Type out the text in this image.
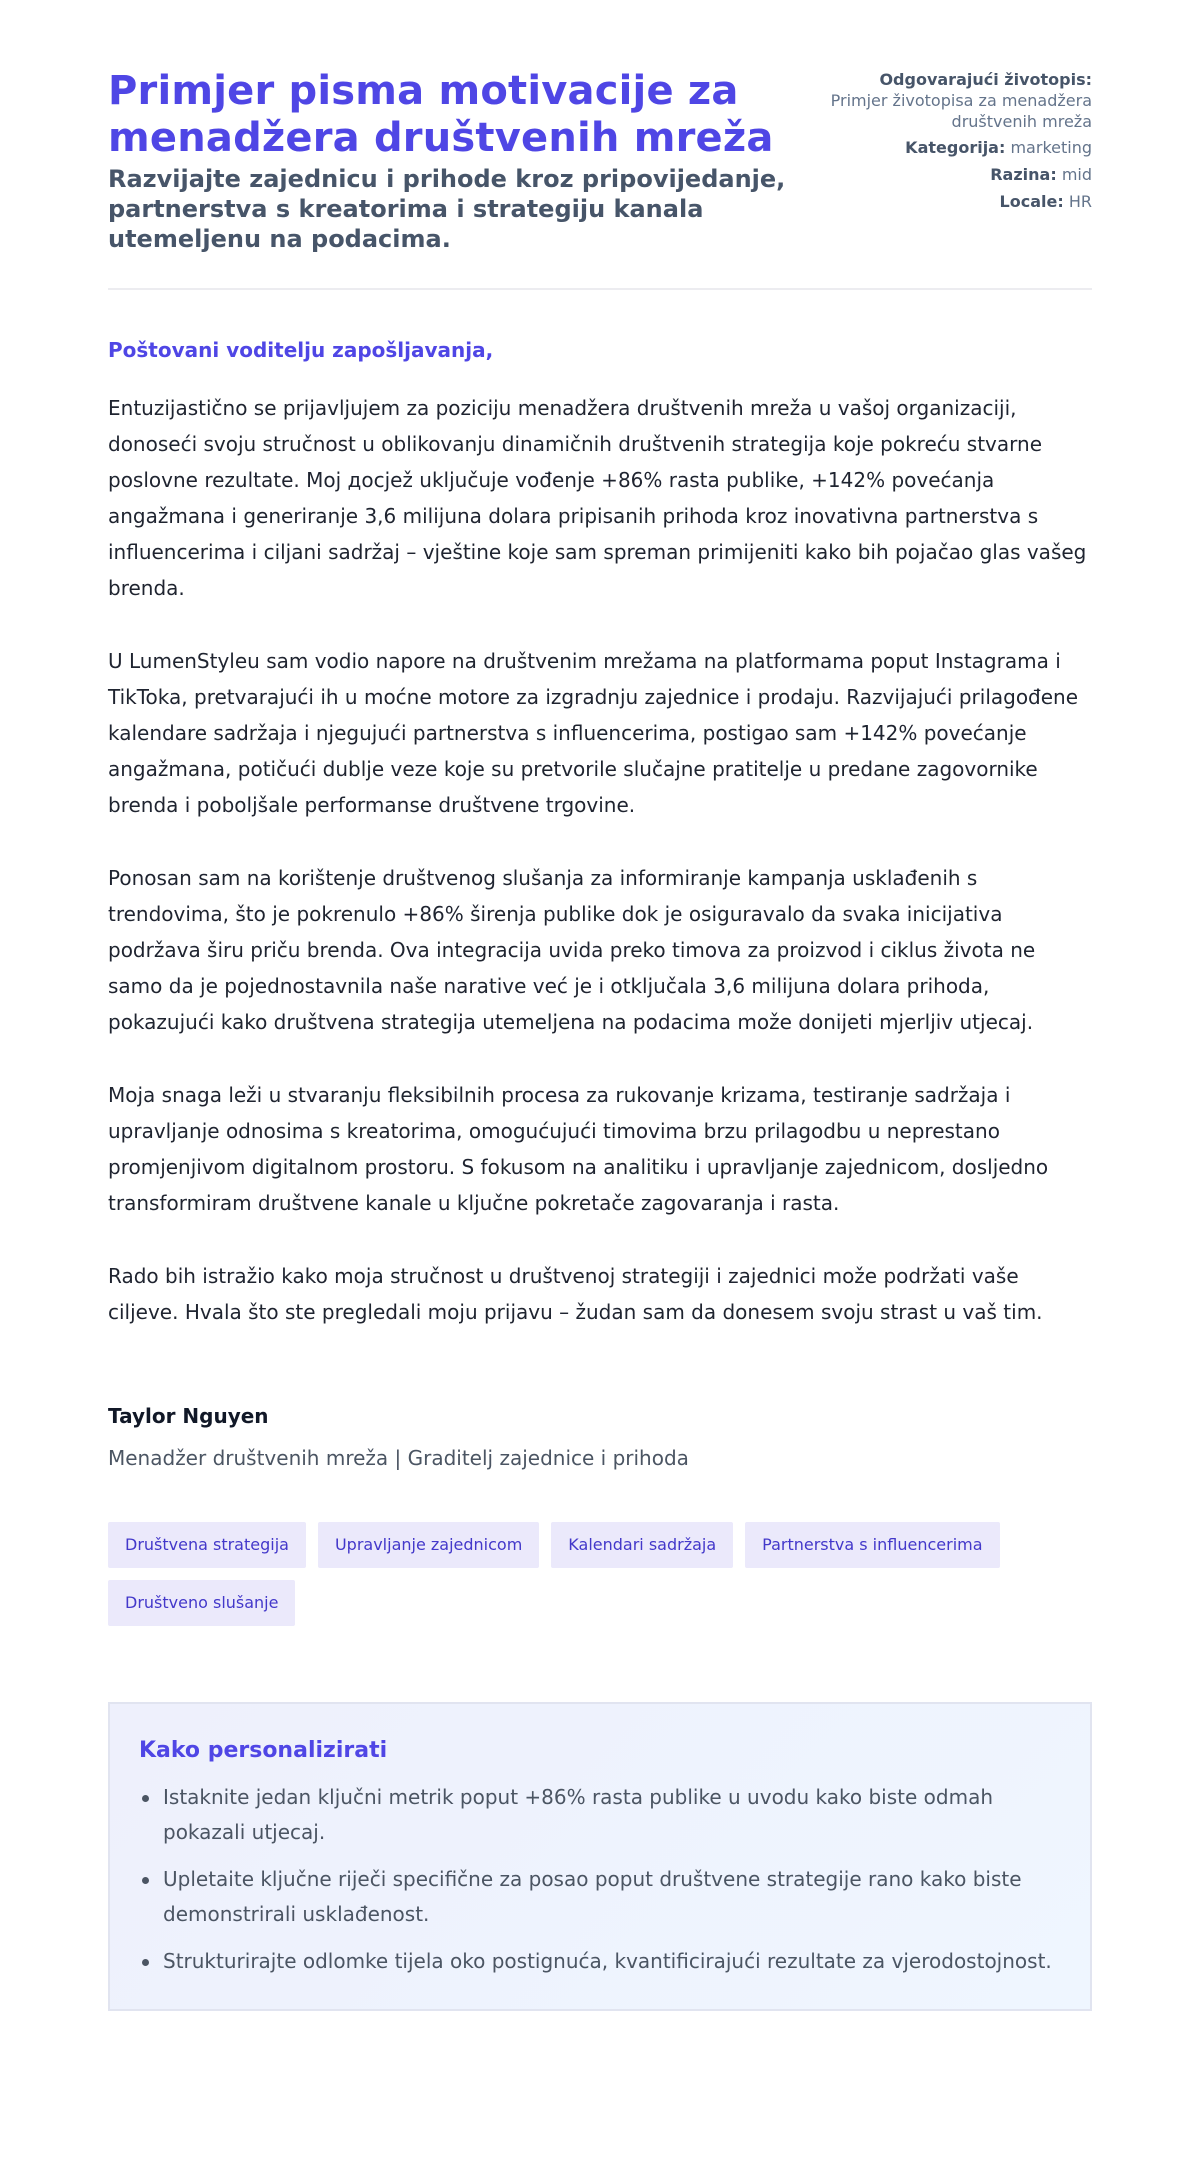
Primjer pisma motivacije za menadžera društvenih mreža
Razvijajte zajednicu i prihode kroz pripovijedanje, partnerstva s kreatorima i strategiju kanala utemeljenu na podacima.
Odgovarajući životopis:
Primjer životopisa za menadžera društvenih mreža
Kategorija: marketing
Razina: mid
Locale: HR

Poštovani voditelju zapošljavanja,

Entuzijastično se prijavljujem za poziciju menadžera društvenih mreža u vašoj organizaciji, donoseći svoju stručnost u oblikovanju dinamičnih društvenih strategija koje pokreću stvarne poslovne rezultate. Moj досjež uključuje vođenje +86% rasta publike, +142% povećanja angažmana i generiranje 3,6 milijuna dolara pripisanih prihoda kroz inovativna partnerstva s influencerima i ciljani sadržaj – vještine koje sam spreman primijeniti kako bih pojačao glas vašeg brenda.

U LumenStyleu sam vodio napore na društvenim mrežama na platformama poput Instagrama i TikToka, pretvarajući ih u moćne motore za izgradnju zajednice i prodaju. Razvijajući prilagođene kalendare sadržaja i njegujući partnerstva s influencerima, postigao sam +142% povećanje angažmana, potičući dublje veze koje su pretvorile slučajne pratitelje u predane zagovornike brenda i poboljšale performanse društvene trgovine.

Ponosan sam na korištenje društvenog slušanja za informiranje kampanja usklađenih s trendovima, što je pokrenulo +86% širenja publike dok je osiguravalo da svaka inicijativa podržava širu priču brenda. Ova integracija uvida preko timova za proizvod i ciklus života ne samo da je pojednostavnila naše narative već je i otključala 3,6 milijuna dolara prihoda, pokazujući kako društvena strategija utemeljena na podacima može donijeti mjerljiv utjecaj.

Moja snaga leži u stvaranju fleksibilnih procesa za rukovanje krizama, testiranje sadržaja i upravljanje odnosima s kreatorima, omogućujući timovima brzu prilagodbu u neprestano promjenjivom digitalnom prostoru. S fokusom na analitiku i upravljanje zajednicom, dosljedno transformiram društvene kanale u ključne pokretače zagovaranja i rasta.

Rado bih istražio kako moja stručnost u društvenoj strategiji i zajednici može podržati vaše ciljeve. Hvala što ste pregledali moju prijavu – žudan sam da donesem svoju strast u vaš tim.

Taylor Nguyen
Menadžer društvenih mreža | Graditelj zajednice i prihoda
Društvena strategija	Upravljanje zajednicom	Kalendari sadržaja	Partnerstva s influencerima
Društveno slušanje
Kako personalizirati
Istaknite jedan ključni metrik poput +86% rasta publike u uvodu kako biste odmah pokazali utjecaj.
Upletaite ključne riječi specifične za posao poput društvene strategije rano kako biste demonstrirali usklađenost.
Strukturirajte odlomke tijela oko postignuća, kvantificirajući rezultate za vjerodostojnost.
